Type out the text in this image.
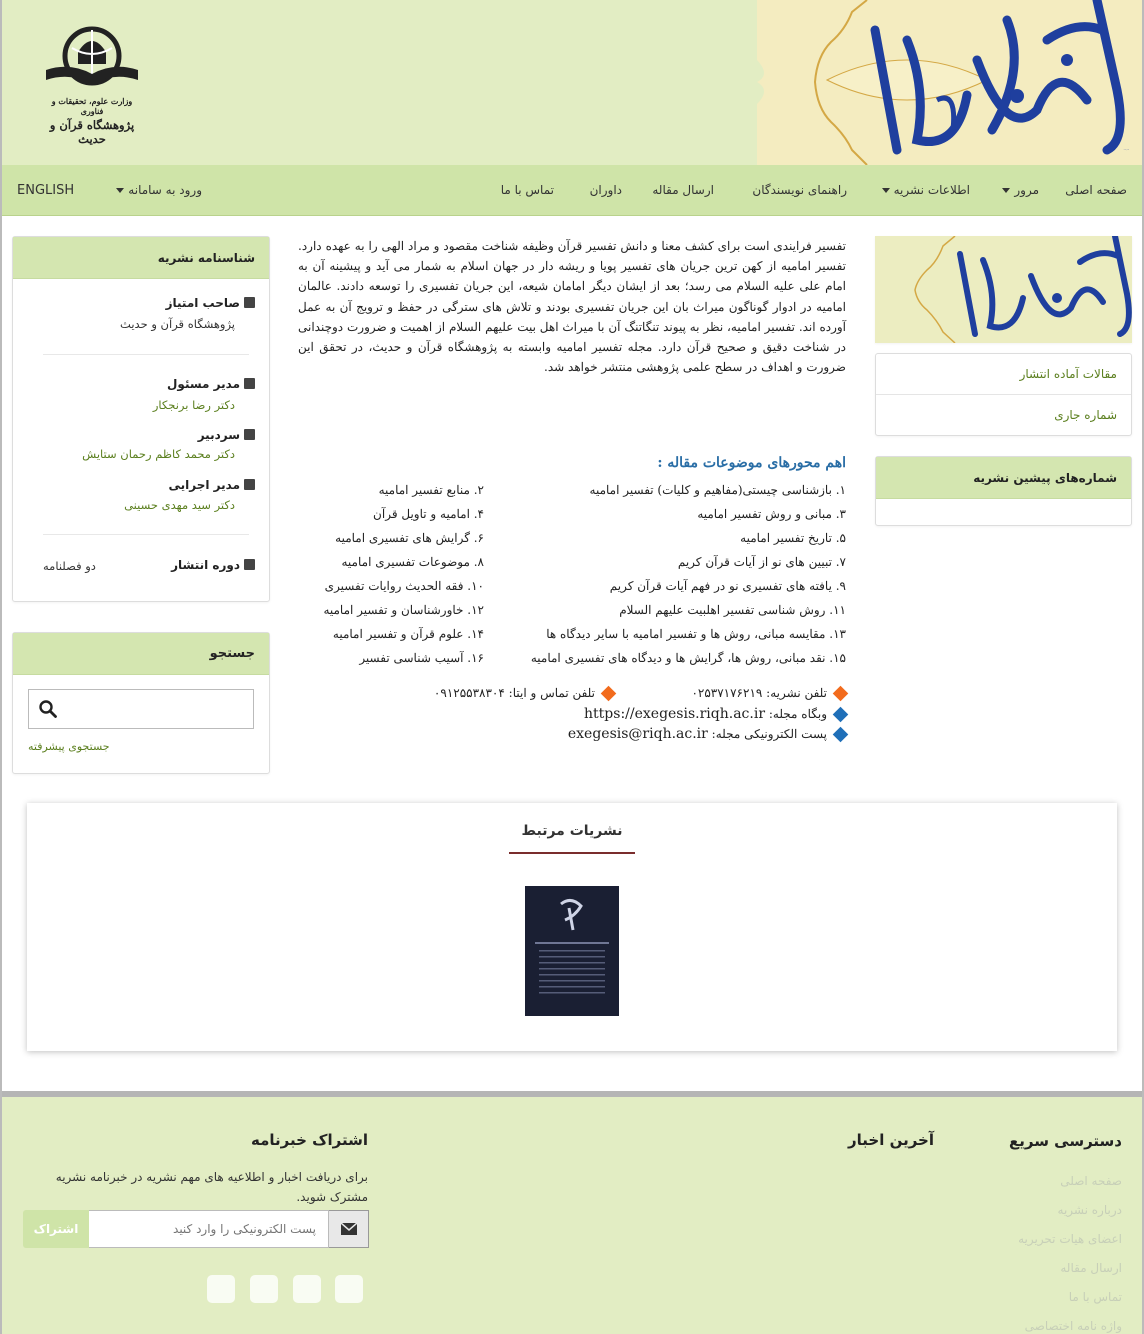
تفسیر امامیه
وزارت علوم، تحقیقات و فناوری
پژوهشگاه قرآن و حدیث
صفحه اصلی
مرور
اطلاعات نشریه
راهنمای نویسندگان
ارسال مقاله
داوران
تماس با ما
ورود به سامانه
ENGLISH
مقالات آماده انتشار
شماره جاری
شماره‌های پیشین نشریه
تفسیر فرایندی است برای کشف معنا و دانش تفسیر قرآن وظیفه شناخت مقصود و مراد الهی را به عهده دارد. تفسیر امامیه از کهن ترین جریان های تفسیر پویا و ریشه دار در جهان اسلام به شمار می آید و پیشینه آن به امام علی علیه السلام می رسد؛ بعد از ایشان دیگر امامان شیعه، این جریان تفسیری را توسعه دادند. عالمان امامیه در ادوار گوناگون میراث بان این جریان تفسیری بودند و تلاش های سترگی در حفظ و ترویج آن به عمل آورده اند. تفسیر امامیه، نظر به پیوند تنگاتنگ آن با میراث اهل بیت علیهم السلام از اهمیت و ضرورت دوچندانی در شناخت دقیق و صحیح قرآن دارد. مجله تفسیر امامیه وابسته به پژوهشگاه قرآن و حدیث، در تحقق این ضرورت و اهداف در سطح علمی پژوهشی منتشر خواهد شد.
اهم محورهای موضوعات مقاله :
۱. بازشناسی چیستی(مفاهیم و کلیات) تفسیر امامیه
۲. منابع تفسیر امامیه
۳. مبانی و روش تفسیر امامیه
۴. امامیه و تاویل قرآن
۵. تاریخ تفسیر امامیه
۶. گرایش های تفسیری امامیه
۷. تبیین های نو از آیات قرآن کریم
۸. موضوعات تفسیری امامیه
۹. یافته های تفسیری نو در فهم آیات قرآن کریم
۱۰. فقه الحدیث روایات تفسیری
۱۱. روش شناسی تفسیر اهلبیت علیهم السلام
۱۲. خاورشناسان و تفسیر امامیه
۱۳. مقایسه مبانی، روش ها و تفسیر امامیه با سایر دیدگاه ها
۱۴. علوم قرآن و تفسیر امامیه
۱۵. نقد مبانی، روش ها، گرایش ها و دیدگاه های تفسیری امامیه
۱۶. آسیب شناسی تفسیر
تلفن نشریه: ۰۲۵۳۷۱۷۶۲۱۹
تلفن تماس و ایتا: ۰۹۱۲۵۵۳۸۳۰۴
وبگاه مجله: https://exegesis.riqh.ac.ir
پست الکترونیکی مجله: exegesis@riqh.ac.ir
شناسنامه نشریه
صاحب امتیاز
پژوهشگاه قرآن و حدیث
مدیر مسئول
دکتر رضا برنجکار
سردبیر
دکتر محمد کاظم رحمان ستایش
مدیر اجرایی
دکتر سید مهدی حسینی
دوره انتشار
دو فصلنامه
جستجو
جستجوی پیشرفته
نشریات مرتبط
دسترسی سریع
صفحه اصلی
درباره نشریه
اعضای هیات تحریریه
ارسال مقاله
تماس با ما
واژه نامه اختصاصی
آخرین اخبار
اشتراک خبرنامه
برای دریافت اخبار و اطلاعیه های مهم نشریه در خبرنامه نشریه مشترک شوید.
پست الکترونیکی را وارد کنید
اشتراک
